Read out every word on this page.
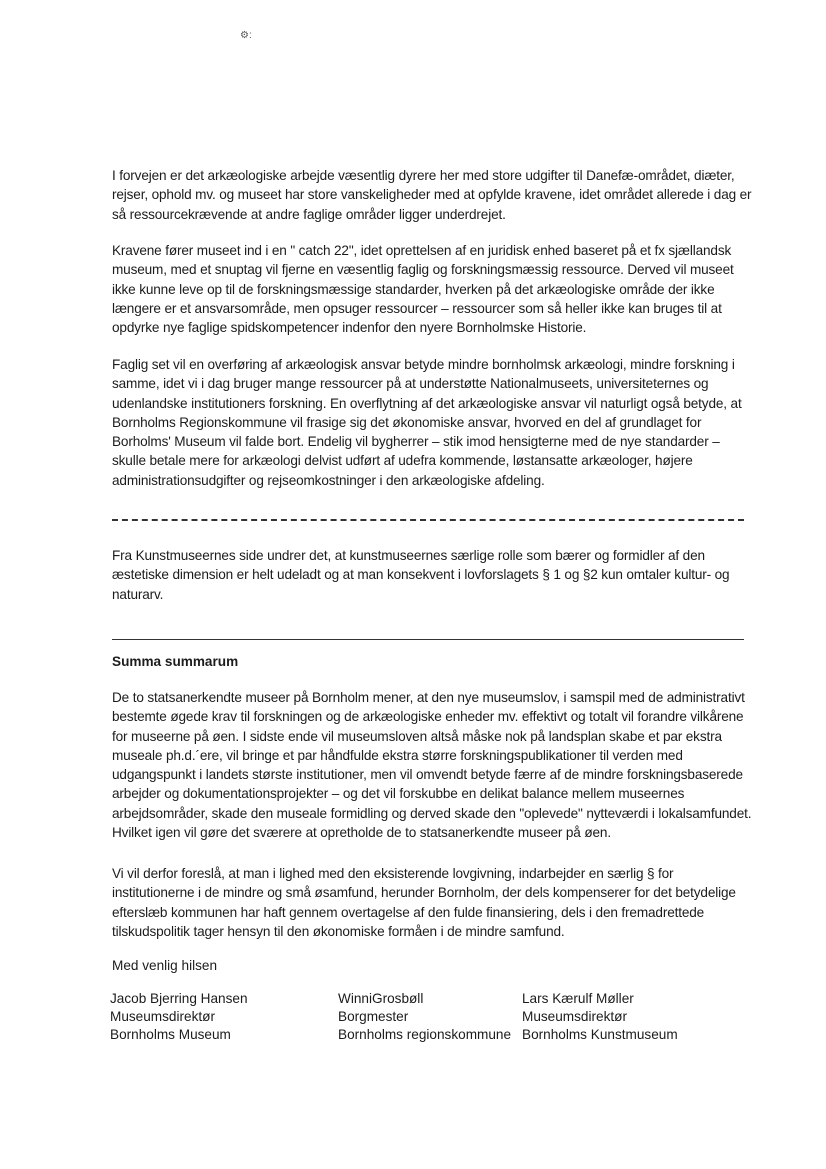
⚙:

I forvejen er det arkæologiske arbejde væsentlig dyrere her med store udgifter til Danefæ-området, diæter, rejser, ophold mv. og museet har store vanskeligheder med at opfylde kravene, idet området allerede i dag er så ressourcekrævende at andre faglige områder ligger underdrejet.

Kravene fører museet ind i en " catch 22", idet oprettelsen af en juridisk enhed baseret på et fx sjællandsk museum, med et snuptag vil fjerne en væsentlig faglig og forskningsmæssig ressource. Derved vil museet ikke kunne leve op til de forskningsmæssige standarder, hverken på det arkæologiske område der ikke længere er et ansvarsområde, men opsuger ressourcer – ressourcer som så heller ikke kan bruges til at opdyrke nye faglige spidskompetencer indenfor den nyere Bornholmske Historie.

Faglig set vil en overføring af arkæologisk ansvar betyde mindre bornholmsk arkæologi, mindre forskning i samme, idet vi i dag bruger mange ressourcer på at understøtte Nationalmuseets, universiteternes og udenlandske institutioners forskning. En overflytning af det arkæologiske ansvar vil naturligt også betyde, at Bornholms Regionskommune vil frasige sig det økonomiske ansvar, hvorved en del af grundlaget for Borholms' Museum vil falde bort. Endelig vil bygherrer – stik imod hensigterne med de nye standarder – skulle betale mere for arkæologi delvist udført af udefra kommende, løstansatte arkæologer, højere administrationsudgifter og rejseomkostninger i den arkæologiske afdeling.

Fra Kunstmuseernes side undrer det, at kunstmuseernes særlige rolle som bærer og formidler af den æstetiske dimension er helt udeladt og at man konsekvent i lovforslagets § 1 og §2 kun omtaler kultur- og naturarv.

Summa summarum

De to statsanerkendte museer på Bornholm mener, at den nye museumslov, i samspil med de administrativt bestemte øgede krav til forskningen og de arkæologiske enheder mv. effektivt og totalt vil forandre vilkårene for museerne på øen. I sidste ende vil museumsloven altså måske nok på landsplan skabe et par ekstra museale ph.d.´ere, vil bringe et par håndfulde ekstra større forskningspublikationer til verden med udgangspunkt i landets største institutioner, men vil omvendt betyde færre af de mindre forskningsbaserede arbejder og dokumentationsprojekter – og det vil forskubbe en delikat balance mellem museernes arbejdsområder, skade den museale formidling og derved skade den "oplevede" nytteværdi i lokalsamfundet. Hvilket igen vil gøre det sværere at opretholde de to statsanerkendte museer på øen.

Vi vil derfor foreslå, at man i lighed med den eksisterende lovgivning, indarbejder en særlig § for institutionerne i de mindre og små øsamfund, herunder Bornholm, der dels kompenserer for det betydelige efterslæb kommunen har haft gennem overtagelse af den fulde finansiering, dels i den fremadrettede tilskudspolitik tager hensyn til den økonomiske formåen i de mindre samfund.

Med venlig hilsen

Jacob Bjerring Hansen
Museumsdirektør
Bornholms Museum
WinniGrosbøll
Borgmester
Bornholms regionskommune
Lars Kærulf Møller
Museumsdirektør
Bornholms Kunstmuseum
